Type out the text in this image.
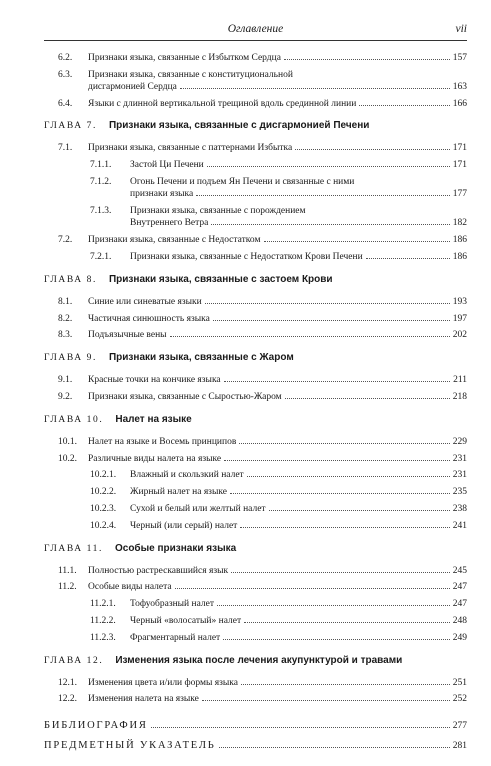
Оглавление	vii
6.2. Признаки языка, связанные с Избытком Сердца	157
6.3. Признаки языка, связанные с конституциональной
дисгармонией Сердца	163
6.4. Языки с длинной вертикальной трещиной вдоль срединной линии	166
ГЛАВА 7. Признаки языка, связанные с дисгармонией Печени
7.1. Признаки языка, связанные с паттернами Избытка	171
7.1.1. Застой Ци Печени	171
7.1.2. Огонь Печени и подъем Ян Печени и связанные с ними
признаки языка	177
7.1.3. Признаки языка, связанные с порождением
Внутреннего Ветра	182
7.2. Признаки языка, связанные с Недостатком	186
7.2.1. Признаки языка, связанные с Недостатком Крови Печени	186
ГЛАВА 8. Признаки языка, связанные с застоем Крови
8.1. Синие или синеватые языки	193
8.2. Частичная синюшность языка	197
8.3. Подъязычные вены	202
ГЛАВА 9. Признаки языка, связанные с Жаром
9.1. Красные точки на кончике языка	211
9.2. Признаки языка, связанные с Сыростью-Жаром	218
ГЛАВА 10. Налет на языке
10.1. Налет на языке и Восемь принципов	229
10.2. Различные виды налета на языке	231
10.2.1. Влажный и скользкий налет	231
10.2.2. Жирный налет на языке	235
10.2.3. Сухой и белый или желтый налет	238
10.2.4. Черный (или серый) налет	241
ГЛАВА 11. Особые признаки языка
11.1. Полностью растрескавшийся язык	245
11.2. Особые виды налета	247
11.2.1. Тофуобразный налет	247
11.2.2. Черный «волосатый» налет	248
11.2.3. Фрагментарный налет	249
ГЛАВА 12. Изменения языка после лечения акупунктурой и травами
12.1. Изменения цвета и/или формы языка	251
12.2. Изменения налета на языке	252
БИБЛИОГРАФИЯ	277
ПРЕДМЕТНЫЙ УКАЗАТЕЛЬ	281
